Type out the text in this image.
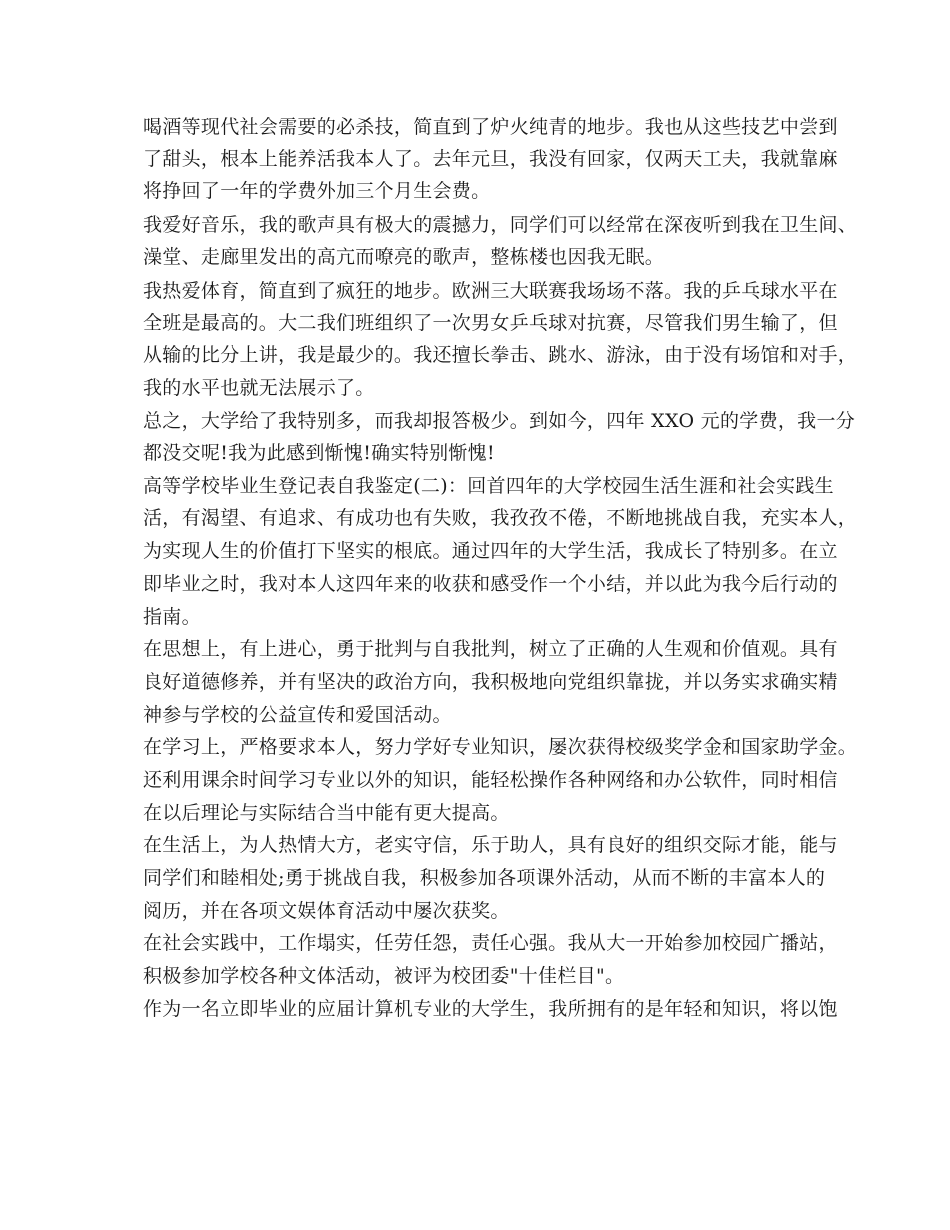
喝酒等现代社会需要的必杀技，简直到了炉火纯青的地步。我也从这些技艺中尝到
了甜头，根本上能养活我本人了。去年元旦，我没有回家，仅两天工夫，我就靠麻
将挣回了一年的学费外加三个月生会费。
我爱好音乐，我的歌声具有极大的震撼力，同学们可以经常在深夜听到我在卫生间、
澡堂、走廊里发出的高亢而嘹亮的歌声，整栋楼也因我无眠。
我热爱体育，简直到了疯狂的地步。欧洲三大联赛我场场不落。我的乒乓球水平在
全班是最高的。大二我们班组织了一次男女乒乓球对抗赛，尽管我们男生输了，但
从输的比分上讲，我是最少的。我还擅长拳击、跳水、游泳，由于没有场馆和对手，
我的水平也就无法展示了。
总之，大学给了我特别多，而我却报答极少。到如今，四年 XXO 元的学费，我一分
都没交呢!我为此感到惭愧!确实特别惭愧!
高等学校毕业生登记表自我鉴定(二)：回首四年的大学校园生活生涯和社会实践生
活，有渴望、有追求、有成功也有失败，我孜孜不倦，不断地挑战自我，充实本人，
为实现人生的价值打下坚实的根底。通过四年的大学生活，我成长了特别多。在立
即毕业之时，我对本人这四年来的收获和感受作一个小结，并以此为我今后行动的
指南。
在思想上，有上进心，勇于批判与自我批判，树立了正确的人生观和价值观。具有
良好道德修养，并有坚决的政治方向，我积极地向党组织靠拢，并以务实求确实精
神参与学校的公益宣传和爱国活动。
在学习上，严格要求本人，努力学好专业知识，屡次获得校级奖学金和国家助学金。
还利用课余时间学习专业以外的知识，能轻松操作各种网络和办公软件，同时相信
在以后理论与实际结合当中能有更大提高。
在生活上，为人热情大方，老实守信，乐于助人，具有良好的组织交际才能，能与
同学们和睦相处;勇于挑战自我，积极参加各项课外活动，从而不断的丰富本人的
阅历，并在各项文娱体育活动中屡次获奖。
在社会实践中，工作塌实，任劳任怨，责任心强。我从大一开始参加校园广播站，
积极参加学校各种文体活动，被评为校团委"十佳栏目"。
作为一名立即毕业的应届计算机专业的大学生，我所拥有的是年轻和知识，将以饱
